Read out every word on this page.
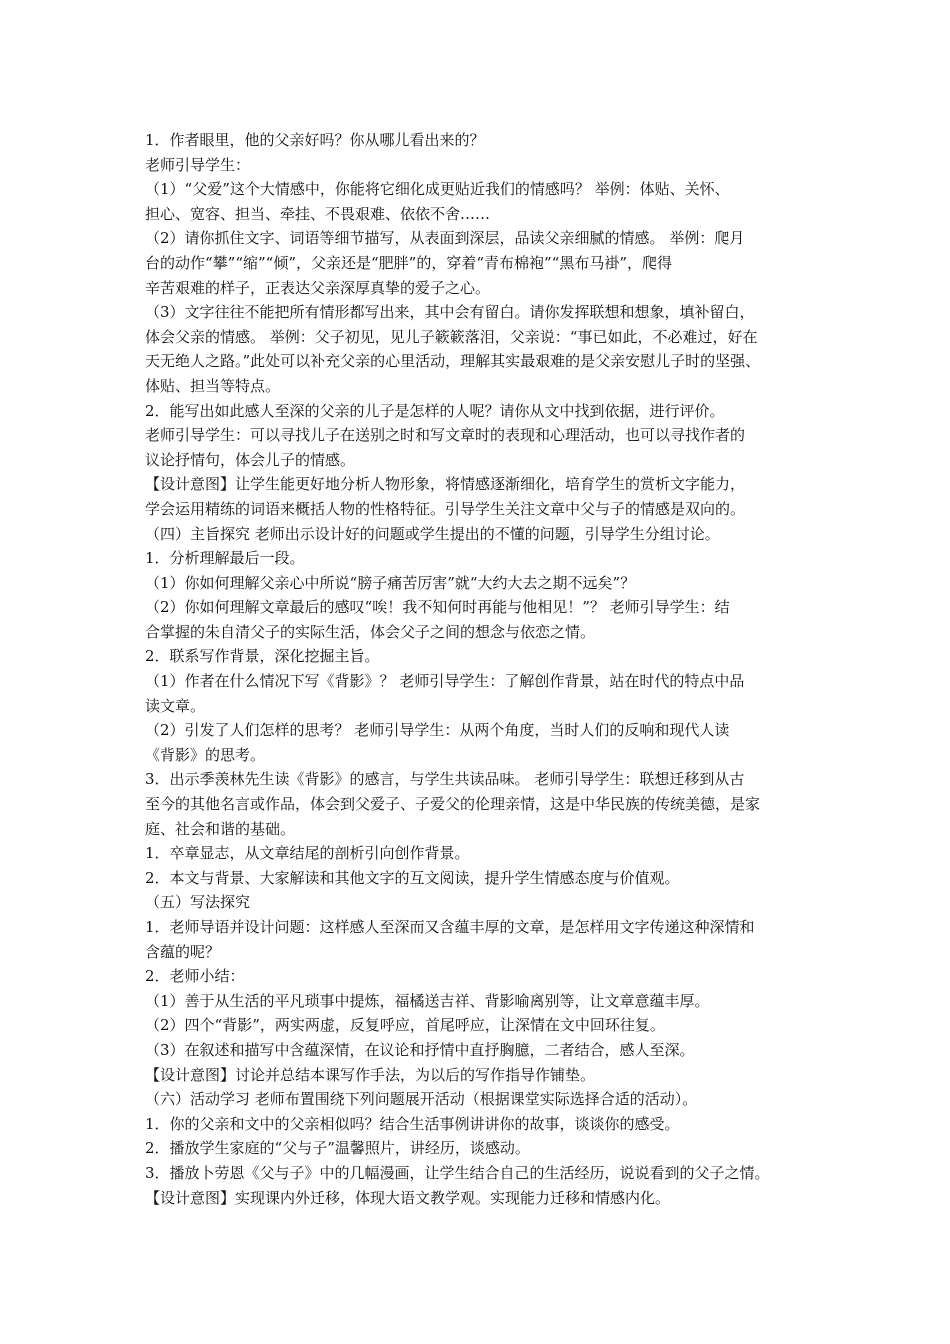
1．作者眼里，他的父亲好吗？你从哪儿看出来的？
老师引导学生：
（1）“父爱”这个大情感中，你能将它细化成更贴近我们的情感吗？ 举例：体贴、关怀、
担心、宽容、担当、牵挂、不畏艰难、依依不舍……
（2）请你抓住文字、词语等细节描写，从表面到深层，品读父亲细腻的情感。 举例：爬月
台的动作“攀”“缩”“倾”，父亲还是“肥胖”的，穿着“青布棉袍”“黑布马褂”，爬得
辛苦艰难的样子，正表达父亲深厚真挚的爱子之心。
（3）文字往往不能把所有情形都写出来，其中会有留白。请你发挥联想和想象，填补留白，
体会父亲的情感。 举例：父子初见，见儿子簌簌落泪，父亲说：“事已如此，不必难过，好在
天无绝人之路。”此处可以补充父亲的心里活动，理解其实最艰难的是父亲安慰儿子时的坚强、
体贴、担当等特点。
2．能写出如此感人至深的父亲的儿子是怎样的人呢？请你从文中找到依据，进行评价。
老师引导学生：可以寻找儿子在送别之时和写文章时的表现和心理活动，也可以寻找作者的
议论抒情句，体会儿子的情感。
【设计意图】让学生能更好地分析人物形象，将情感逐渐细化，培育学生的赏析文字能力，
学会运用精练的词语来概括人物的性格特征。引导学生关注文章中父与子的情感是双向的。
（四）主旨探究 老师出示设计好的问题或学生提出的不懂的问题，引导学生分组讨论。
1．分析理解最后一段。
（1）你如何理解父亲心中所说“膀子痛苦厉害”就“大约大去之期不远矣”？
（2）你如何理解文章最后的感叹“唉！我不知何时再能与他相见！”？ 老师引导学生：结
合掌握的朱自清父子的实际生活，体会父子之间的想念与依恋之情。
2．联系写作背景，深化挖掘主旨。
（1）作者在什么情况下写《背影》？ 老师引导学生：了解创作背景，站在时代的特点中品
读文章。
（2）引发了人们怎样的思考？ 老师引导学生：从两个角度，当时人们的反响和现代人读
《背影》的思考。
3．出示季羡林先生读《背影》的感言，与学生共读品味。 老师引导学生：联想迁移到从古
至今的其他名言或作品，体会到父爱子、子爱父的伦理亲情，这是中华民族的传统美德，是家
庭、社会和谐的基础。
1．卒章显志，从文章结尾的剖析引向创作背景。
2．本文与背景、大家解读和其他文字的互文阅读，提升学生情感态度与价值观。
（五）写法探究
1．老师导语并设计问题：这样感人至深而又含蕴丰厚的文章，是怎样用文字传递这种深情和
含蕴的呢？
2．老师小结：
（1）善于从生活的平凡琐事中提炼，福橘送吉祥、背影喻离别等，让文章意蕴丰厚。
（2）四个“背影”，两实两虚，反复呼应，首尾呼应，让深情在文中回环往复。
（3）在叙述和描写中含蕴深情，在议论和抒情中直抒胸臆，二者结合，感人至深。
【设计意图】讨论并总结本课写作手法，为以后的写作指导作铺垫。
（六）活动学习 老师布置围绕下列问题展开活动（根据课堂实际选择合适的活动）。
1．你的父亲和文中的父亲相似吗？结合生活事例讲讲你的故事，谈谈你的感受。
2．播放学生家庭的“父与子”温馨照片，讲经历，谈感动。
3．播放卜劳恩《父与子》中的几幅漫画，让学生结合自己的生活经历，说说看到的父子之情。
【设计意图】实现课内外迁移，体现大语文教学观。实现能力迁移和情感内化。
